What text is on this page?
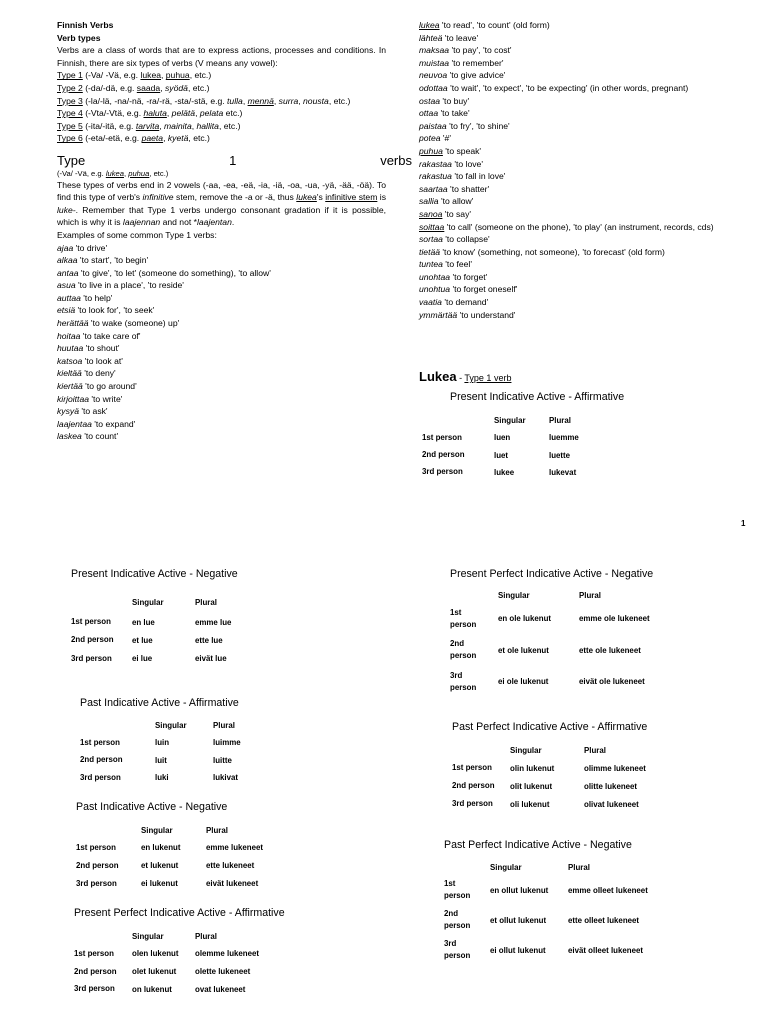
Finnish Verbs
Verb types
Verbs are a class of words that are to express actions, processes and conditions. In Finnish, there are six types of verbs (V means any vowel):
Type 1 (-Va/ -Vä, e.g. lukea, puhua, etc.)
Type 2 (-da/-dä, e.g. saada, syödä, etc.)
Type 3 (-la/-lä, -na/-nä, -ra/-rä, -sta/-stä, e.g. tulla, mennä, surra, nousta, etc.)
Type 4 (-Vta/-Vtä, e.g. haluta, pelätä, pelata etc.)
Type 5 (-ita/-itä, e.g. tarvita, mainita, hallita, etc.)
Type 6 (-eta/-etä, e.g. paeta, kyetä, etc.)
Type	1	verbs
(-Va/ -Vä, e.g. lukea, puhua, etc.)
These types of verbs end in 2 vowels (-aa, -ea, -eä, -ia, -iä, -oa, -ua, -yä, -ää, -öä). To find this type of verb's infinitive stem, remove the -a or -ä, thus lukea's infinitive stem is luke-. Remember that Type 1 verbs undergo consonant gradation if it is possible, which is why it is laajennan and not *laajentan.
Examples of some common Type 1 verbs:
ajaa 'to drive'
alkaa 'to start', 'to begin'
antaa 'to give', 'to let' (someone do something), 'to allow'
asua 'to live in a place', 'to reside'
auttaa 'to help'
etsiä 'to look for', 'to seek'
herättää 'to wake (someone) up'
hoitaa 'to take care of'
huutaa 'to shout'
katsoa 'to look at'
kieltää 'to deny'
kiertää 'to go around'
kirjoittaa 'to write'
kysyä 'to ask'
laajentaa 'to expand'
laskea 'to count'
lukea 'to read', 'to count' (old form)
lähteä 'to leave'
maksaa 'to pay', 'to cost'
muistaa 'to remember'
neuvoa 'to give advice'
odottaa 'to wait', 'to expect', 'to be expecting' (in other words, pregnant)
ostaa 'to buy'
ottaa 'to take'
paistaa 'to fry', 'to shine'
potea '#'
puhua 'to speak'
rakastaa 'to love'
rakastua 'to fall in love'
saartaa 'to shatter'
sallia 'to allow'
sanoa 'to say'
soittaa 'to call' (someone on the phone), 'to play' (an instrument, records, cds)
sortaa 'to collapse'
tietää 'to know' (something, not someone), 'to forecast' (old form)
tuntea 'to feel'
unohtaa 'to forget'
unohtua 'to forget oneself'
vaatia 'to demand'
ymmärtää 'to understand'
Lukea - Type 1 verb
1
Present Indicative Active - Affirmative
	Singular	Plural
1st person	luen	luemme
2nd person	luet	luette
3rd person	lukee	lukevat
Present Indicative Active - Negative
	Singular	Plural
1st person	en lue	emme lue
2nd person	et lue	ette lue
3rd person	ei lue	eivät lue
Past Indicative Active - Affirmative
	Singular	Plural
1st person	luin	luimme
2nd person	luit	luitte
3rd person	luki	lukivat
Past Indicative Active - Negative
	Singular	Plural
1st person	en lukenut	emme lukeneet
2nd person	et lukenut	ette lukeneet
3rd person	ei lukenut	eivät lukeneet
Present Perfect Indicative Active - Affirmative
	Singular	Plural
1st person	olen lukenut	olemme lukeneet
2nd person	olet lukenut	olette lukeneet
3rd person	on lukenut	ovat lukeneet
Present Perfect Indicative Active - Negative
	Singular	Plural
1st
person	en ole lukenut	emme ole lukeneet
2nd
person	et ole lukenut	ette ole lukeneet
3rd
person	ei ole lukenut	eivät ole lukeneet
Past Perfect Indicative Active - Affirmative
	Singular	Plural
1st person	olin lukenut	olimme lukeneet
2nd person	olit lukenut	olitte lukeneet
3rd person	oli lukenut	olivat lukeneet
Past Perfect Indicative Active - Negative
	Singular	Plural
1st
person	en ollut lukenut	emme olleet lukeneet
2nd
person	et ollut lukenut	ette olleet lukeneet
3rd
person	ei ollut lukenut	eivät olleet lukeneet
